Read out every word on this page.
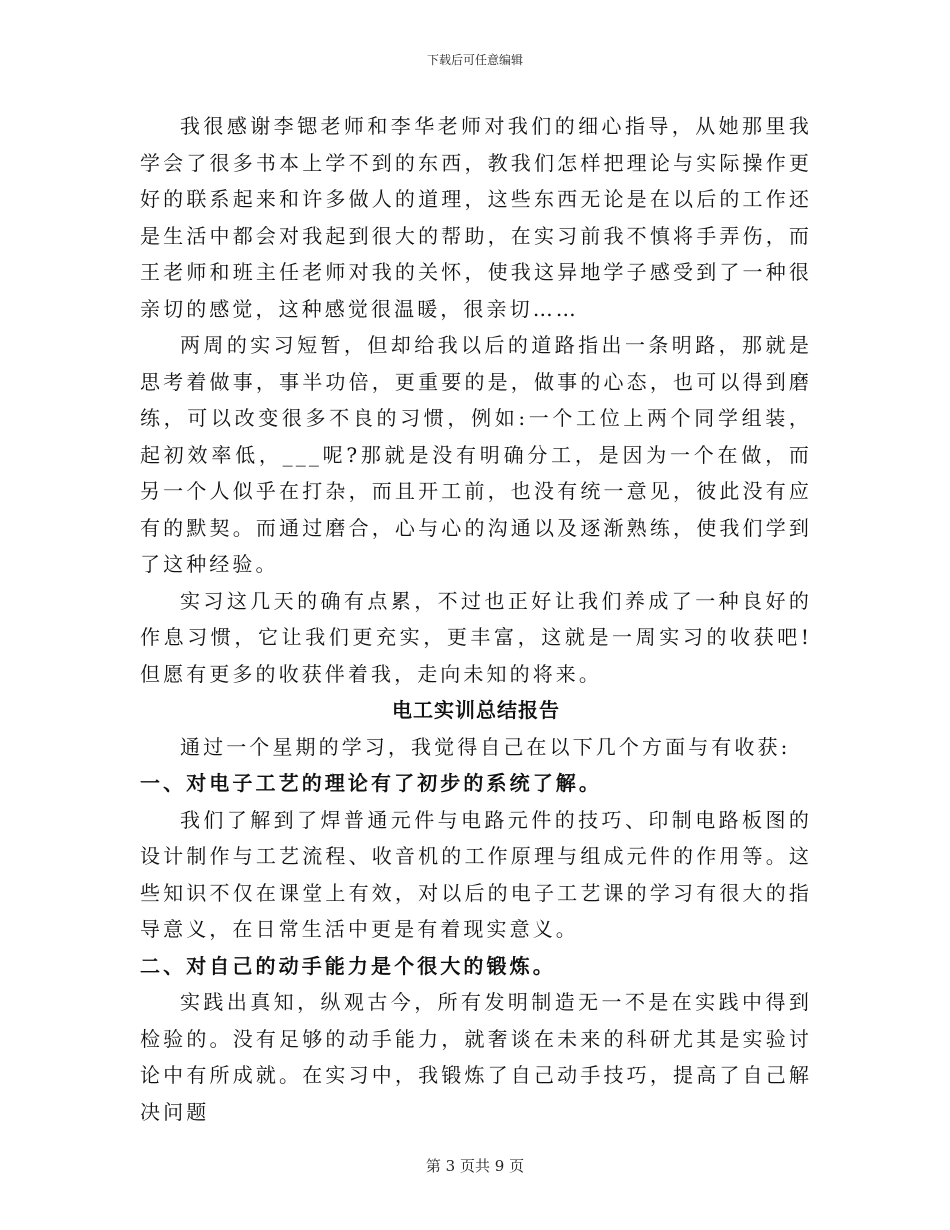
下载后可任意编辑

我很感谢李锶老师和李华老师对我们的细心指导，从她那里我学会了很多书本上学不到的东西，教我们怎样把理论与实际操作更好的联系起来和许多做人的道理，这些东西无论是在以后的工作还是生活中都会对我起到很大的帮助，在实习前我不慎将手弄伤，而王老师和班主任老师对我的关怀，使我这异地学子感受到了一种很亲切的感觉，这种感觉很温暖，很亲切……

两周的实习短暂，但却给我以后的道路指出一条明路，那就是思考着做事，事半功倍，更重要的是，做事的心态，也可以得到磨练，可以改变很多不良的习惯，例如:一个工位上两个同学组装，起初效率低，___呢?那就是没有明确分工，是因为一个在做，而另一个人似乎在打杂，而且开工前，也没有统一意见，彼此没有应有的默契。而通过磨合，心与心的沟通以及逐渐熟练，使我们学到了这种经验。

实习这几天的确有点累，不过也正好让我们养成了一种良好的作息习惯，它让我们更充实，更丰富，这就是一周实习的收获吧!但愿有更多的收获伴着我，走向未知的将来。

电工实训总结报告

通过一个星期的学习，我觉得自己在以下几个方面与有收获:

一、对电子工艺的理论有了初步的系统了解。

我们了解到了焊普通元件与电路元件的技巧、印制电路板图的设计制作与工艺流程、收音机的工作原理与组成元件的作用等。这些知识不仅在课堂上有效，对以后的电子工艺课的学习有很大的指导意义，在日常生活中更是有着现实意义。

二、对自己的动手能力是个很大的锻炼。

实践出真知，纵观古今，所有发明制造无一不是在实践中得到检验的。没有足够的动手能力，就奢谈在未来的科研尤其是实验讨论中有所成就。在实习中，我锻炼了自己动手技巧，提高了自己解决问题

第 3 页共 9 页
